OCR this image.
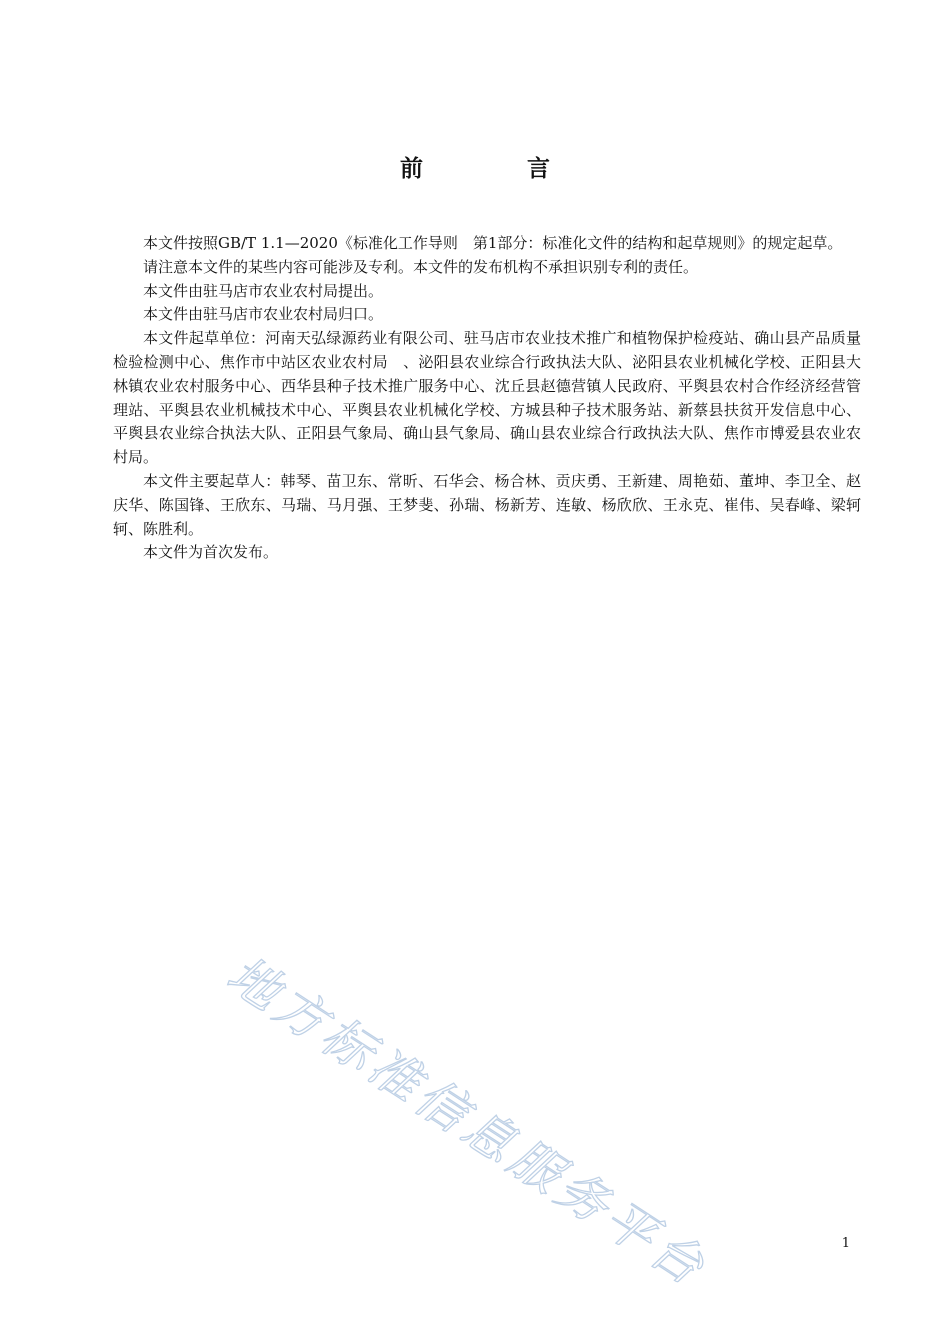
前 言

本文件按照GB/T 1.1—2020《标准化工作导则　第1部分：标准化文件的结构和起草规则》的规定起草。

请注意本文件的某些内容可能涉及专利。本文件的发布机构不承担识别专利的责任。

本文件由驻马店市农业农村局提出。

本文件由驻马店市农业农村局归口。

本文件起草单位：河南天弘绿源药业有限公司、驻马店市农业技术推广和植物保护检疫站、确山县产品质量检验检测中心、焦作市中站区农业农村局　、泌阳县农业综合行政执法大队、泌阳县农业机械化学校、正阳县大林镇农业农村服务中心、西华县种子技术推广服务中心、沈丘县赵德营镇人民政府、平舆县农村合作经济经营管理站、平舆县农业机械技术中心、平舆县农业机械化学校、方城县种子技术服务站、新蔡县扶贫开发信息中心、平舆县农业综合执法大队、正阳县气象局、确山县气象局、确山县农业综合行政执法大队、焦作市博爱县农业农村局。

本文件主要起草人：韩琴、苗卫东、常昕、石华会、杨合林、贡庆勇、王新建、周艳茹、董坤、李卫全、赵庆华、陈国锋、王欣东、马瑞、马月强、王梦斐、孙瑞、杨新芳、连敏、杨欣欣、王永克、崔伟、吴春峰、梁轲轲、陈胜利。

本文件为首次发布。

地方标准信息服务平台	1
